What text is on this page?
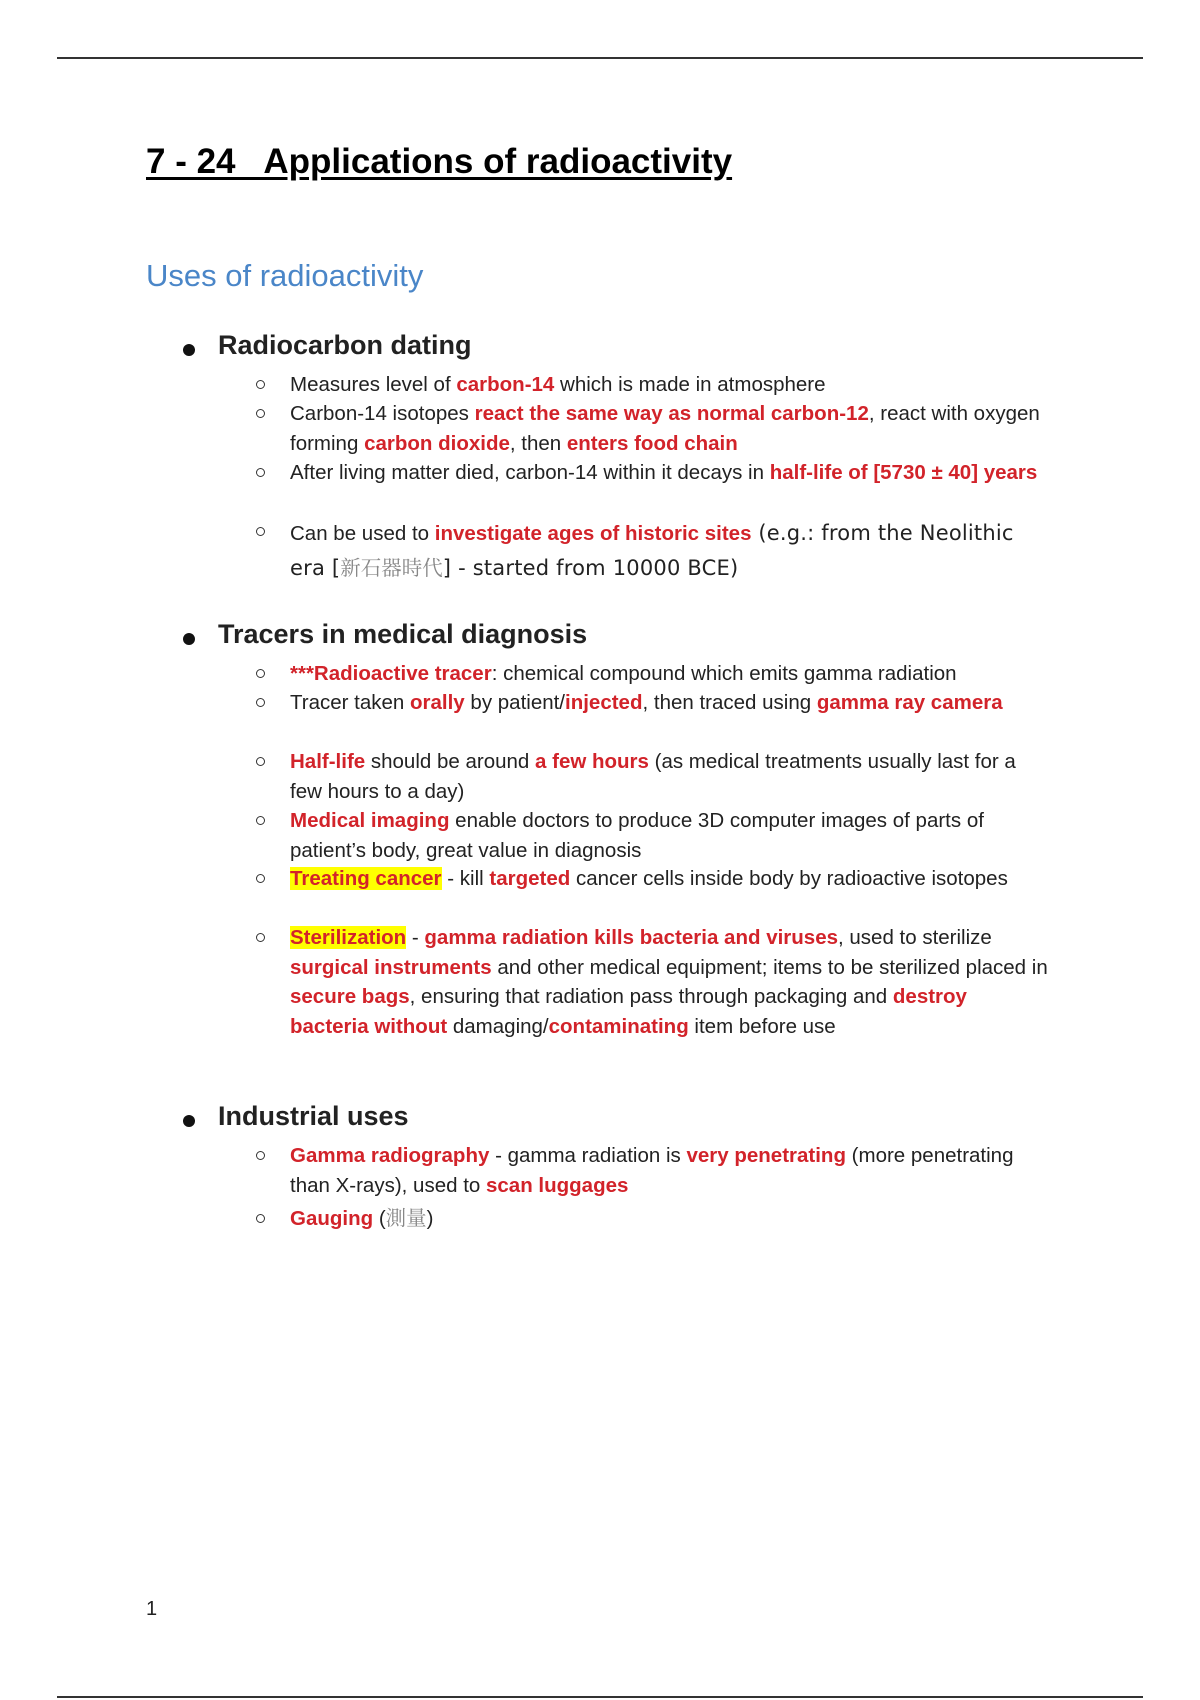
7 - 24   Applications of radioactivity
Uses of radioactivity
Radiocarbon dating
Measures level of carbon-14 which is made in atmosphere
Carbon-14 isotopes react the same way as normal carbon-12, react with oxygen forming carbon dioxide, then enters food chain
After living matter died, carbon-14 within it decays in half-life of [5730 ± 40] years
Can be used to investigate ages of historic sites (e.g.: from the Neolithic era [新石器時代] - started from 10000 BCE)
Tracers in medical diagnosis
***Radioactive tracer: chemical compound which emits gamma radiation
Tracer taken orally by patient/injected, then traced using gamma ray camera
Half-life should be around a few hours (as medical treatments usually last for a few hours to a day)
Medical imaging enable doctors to produce 3D computer images of parts of patient’s body, great value in diagnosis
Treating cancer - kill targeted cancer cells inside body by radioactive isotopes
Sterilization - gamma radiation kills bacteria and viruses, used to sterilize surgical instruments and other medical equipment; items to be sterilized placed in secure bags, ensuring that radiation pass through packaging and destroy bacteria without damaging/contaminating item before use
Industrial uses
Gamma radiography - gamma radiation is very penetrating (more penetrating than X-rays), used to scan luggages
Gauging (測量)
1
